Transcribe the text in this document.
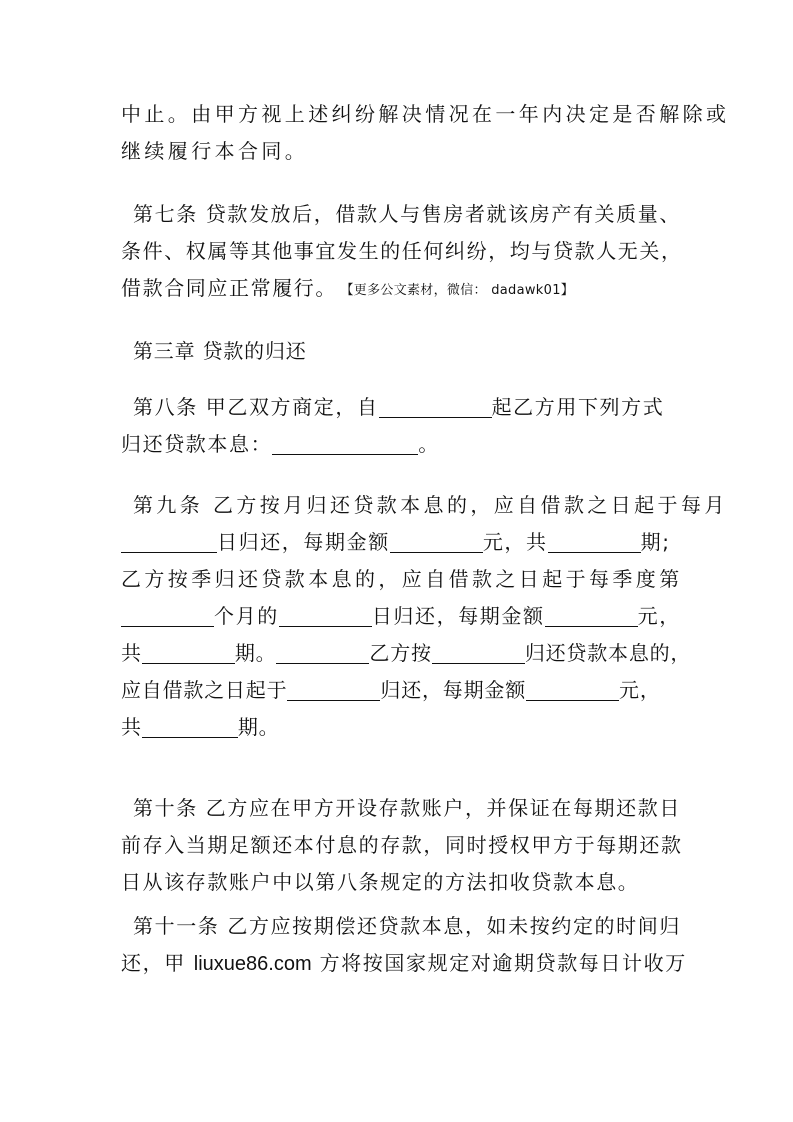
中止。由甲方视上述纠纷解决情况在一年内决定是否解除或
继续履行本合同。
第七条 贷款发放后，借款人与售房者就该房产有关质量、
条件、权属等其他事宜发生的任何纠纷，均与贷款人无关，
借款合同应正常履行。 【更多公文素材，微信： dadawk01】
第三章 贷款的归还
第八条 甲乙双方商定，自	起乙方用下列方式
归还贷款本息：	。
第九条 乙方按月归还贷款本息的，应自借款之日起于每月
日归还，每期金额	元，共	期;
乙方按季归还贷款本息的，应自借款之日起于每季度第
个月的	日归还，每期金额	元，
共	期。	乙方按	归还贷款本息的，
应自借款之日起于	归还，每期金额	元，
共	期。
第十条 乙方应在甲方开设存款账户，并保证在每期还款日
前存入当期足额还本付息的存款，同时授权甲方于每期还款
日从该存款账户中以第八条规定的方法扣收贷款本息。
第十一条 乙方应按期偿还贷款本息，如未按约定的时间归
还，甲 liuxue86.com 方将按国家规定对逾期贷款每日计收万
